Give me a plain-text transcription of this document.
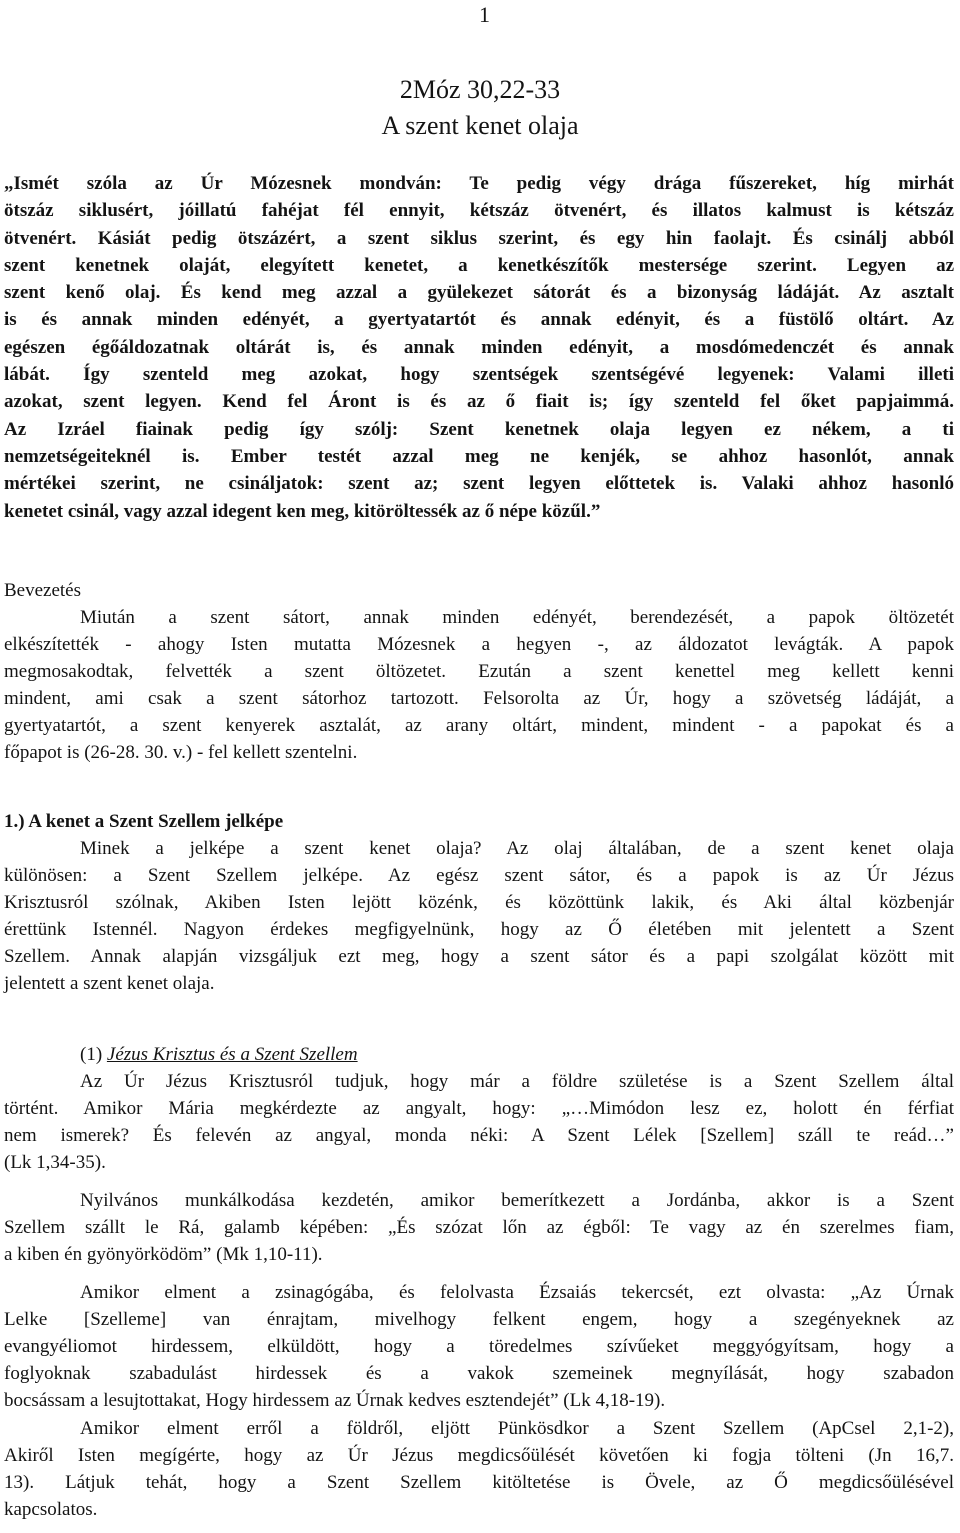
1
2Móz 30,22-33
A szent kenet olaja
„Ismét szóla az Úr Mózesnek mondván: Te pedig végy drága fűszereket, híg mirhát
ötszáz siklusért, jóillatú fahéjat fél ennyit, kétszáz ötvenért, és illatos kalmust is kétszáz
ötvenért. Kásiát pedig ötszázért, a szent siklus szerint, és egy hin faolajt. És csinálj abból
szent kenetnek olaját, elegyített kenetet, a kenetkészítők mestersége szerint. Legyen az
szent kenő olaj. És kend meg azzal a gyülekezet sátorát és a bizonyság ládáját. Az asztalt
is és annak minden edényét, a gyertyatartót és annak edényit, és a füstölő oltárt. Az
egészen égőáldozatnak oltárát is, és annak minden edényit, a mosdómedenczét és annak
lábát. Így szenteld meg azokat, hogy szentségek szentségévé legyenek: Valami illeti
azokat, szent legyen. Kend fel Áront is és az ő fiait is; így szenteld fel őket papjaimmá.
Az Izráel fiainak pedig így szólj: Szent kenetnek olaja legyen ez nékem, a ti
nemzetségeiteknél is. Ember testét azzal meg ne kenjék, se ahhoz hasonlót, annak
mértékei szerint, ne csináljatok: szent az; szent legyen előttetek is. Valaki ahhoz hasonló
kenetet csinál, vagy azzal idegent ken meg, kitöröltessék az ő népe közűl.”
Bevezetés
Miután a szent sátort, annak minden edényét, berendezését, a papok öltözetét
elkészítették - ahogy Isten mutatta Mózesnek a hegyen -, az áldozatot levágták. A papok
megmosakodtak, felvették a szent öltözetet. Ezután a szent kenettel meg kellett kenni
mindent, ami csak a szent sátorhoz tartozott. Felsorolta az Úr, hogy a szövetség ládáját, a
gyertyatartót, a szent kenyerek asztalát, az arany oltárt, mindent, mindent - a papokat és a
főpapot is (26-28. 30. v.) - fel kellett szentelni.
1.) A kenet a Szent Szellem jelképe
Minek a jelképe a szent kenet olaja? Az olaj általában, de a szent kenet olaja
különösen: a Szent Szellem jelképe. Az egész szent sátor, és a papok is az Úr Jézus
Krisztusról szólnak, Akiben Isten lejött közénk, és közöttünk lakik, és Aki által közbenjár
érettünk Istennél. Nagyon érdekes megfigyelnünk, hogy az Ő életében mit jelentett a Szent
Szellem. Annak alapján vizsgáljuk ezt meg, hogy a szent sátor és a papi szolgálat között mit
jelentett a szent kenet olaja.
(1) Jézus Krisztus és a Szent Szellem
Az Úr Jézus Krisztusról tudjuk, hogy már a földre születése is a Szent Szellem által
történt. Amikor Mária megkérdezte az angyalt, hogy: „…Mimódon lesz ez, holott én férfiat
nem ismerek? És felevén az angyal, monda néki: A Szent Lélek [Szellem] száll te reád…”
(Lk 1,34-35).
Nyilvános munkálkodása kezdetén, amikor bemerítkezett a Jordánba, akkor is a Szent
Szellem szállt le Rá, galamb képében: „És szózat lőn az égből: Te vagy az én szerelmes fiam,
a kiben én gyönyörködöm” (Mk 1,10-11).
Amikor elment a zsinagógába, és felolvasta Ézsaiás tekercsét, ezt olvasta: „Az Úrnak
Lelke [Szelleme] van énrajtam, mivelhogy felkent engem, hogy a szegényeknek az
evangyéliomot hirdessem, elküldött, hogy a töredelmes szívűeket meggyógyítsam, hogy a
foglyoknak szabadulást hirdessek és a vakok szemeinek megnyílását, hogy szabadon
bocsássam a lesujtottakat, Hogy hirdessem az Úrnak kedves esztendejét” (Lk 4,18-19).
Amikor elment erről a földről, eljött Pünkösdkor a Szent Szellem (ApCsel 2,1-2),
Akiről Isten megígérte, hogy az Úr Jézus megdicsőülését követően ki fogja tölteni (Jn 16,7.
13). Látjuk tehát, hogy a Szent Szellem kitöltetése is Övele, az Ő megdicsőülésével
kapcsolatos.
